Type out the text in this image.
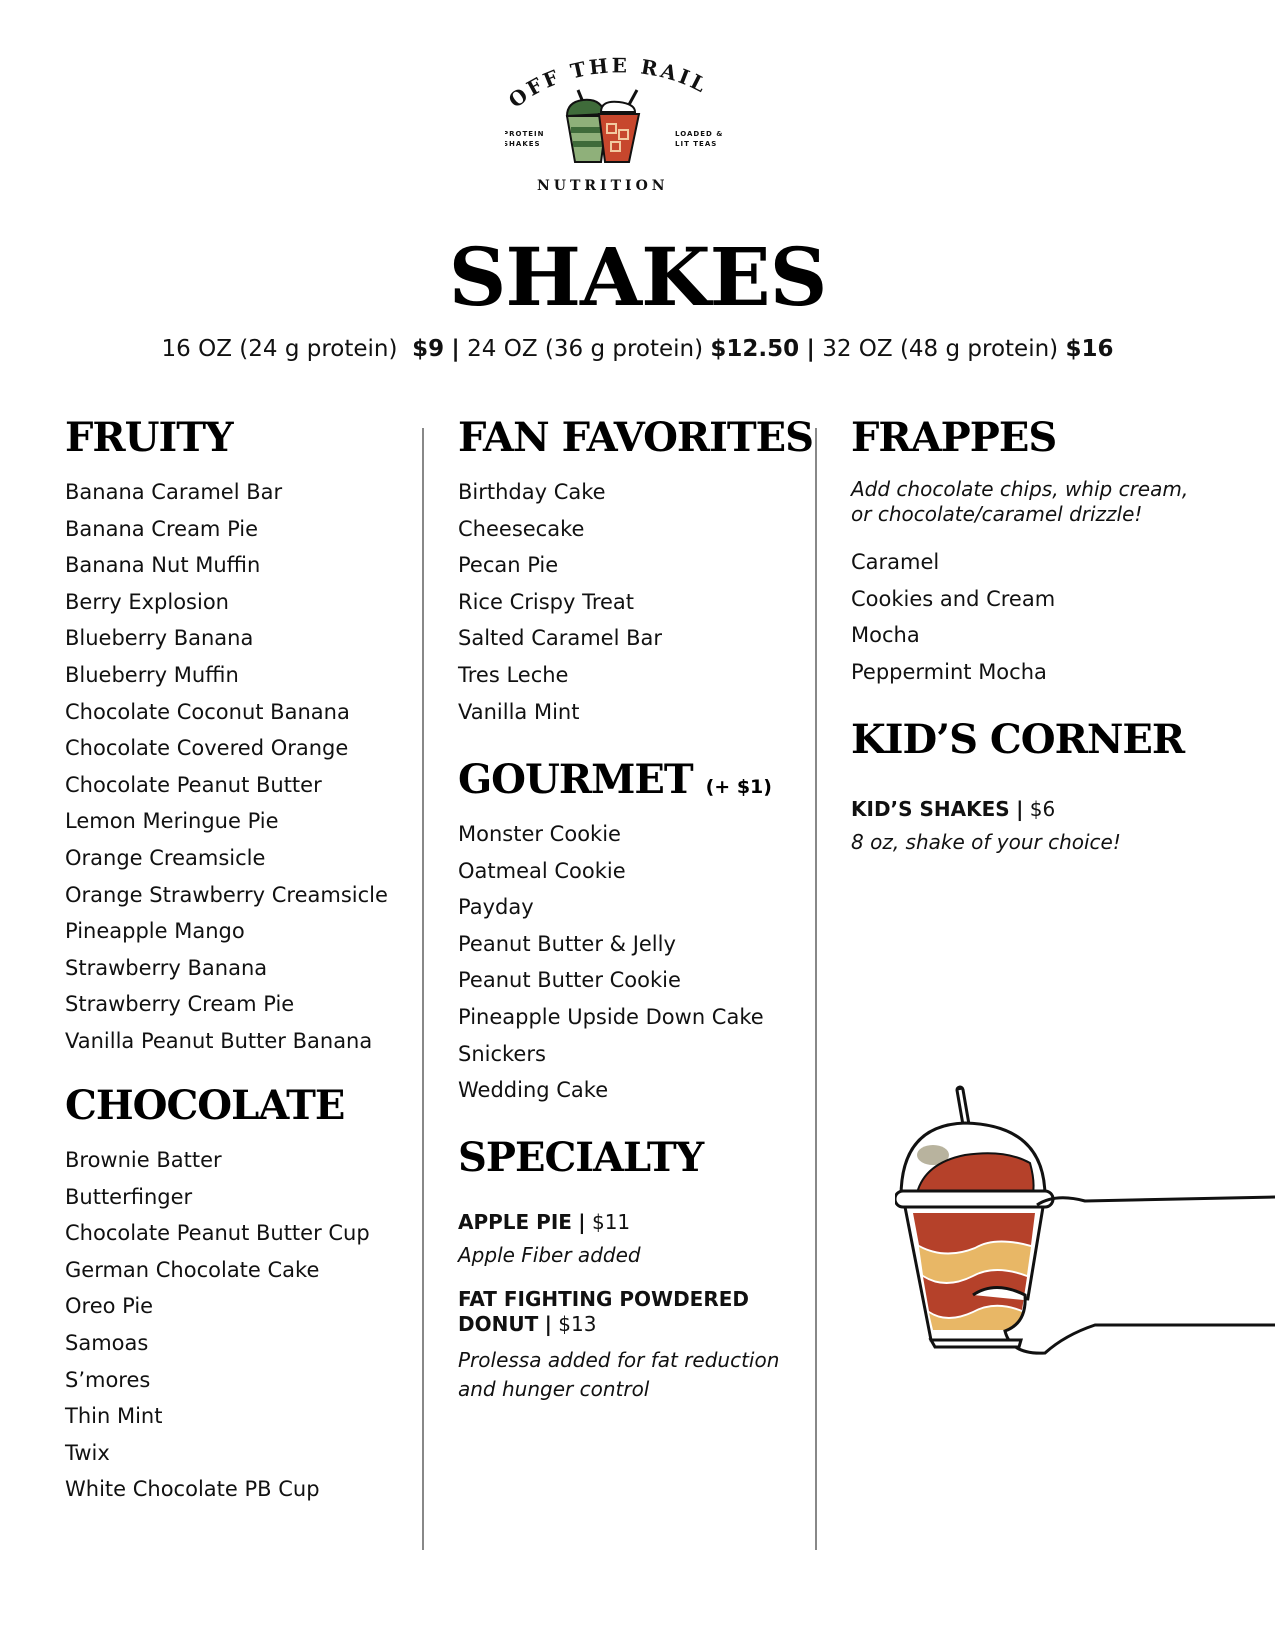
OFF THE RAIL
PROTEIN
SHAKES
LOADED &
LIT TEAS
NUTRITION
SHAKES
16 OZ (24 g protein) $9 | 24 OZ (36 g protein) $12.50 | 32 OZ (48 g protein) $16
FRUITY
Banana Caramel Bar
Banana Cream Pie
Banana Nut Muffin
Berry Explosion
Blueberry Banana
Blueberry Muffin
Chocolate Coconut Banana
Chocolate Covered Orange
Chocolate Peanut Butter
Lemon Meringue Pie
Orange Creamsicle
Orange Strawberry Creamsicle
Pineapple Mango
Strawberry Banana
Strawberry Cream Pie
Vanilla Peanut Butter Banana
CHOCOLATE
Brownie Batter
Butterfinger
Chocolate Peanut Butter Cup
German Chocolate Cake
Oreo Pie
Samoas
S’mores
Thin Mint
Twix
White Chocolate PB Cup
FAN FAVORITES
Birthday Cake
Cheesecake
Pecan Pie
Rice Crispy Treat
Salted Caramel Bar
Tres Leche
Vanilla Mint
GOURMET (+ $1)
Monster Cookie
Oatmeal Cookie
Payday
Peanut Butter & Jelly
Peanut Butter Cookie
Pineapple Upside Down Cake
Snickers
Wedding Cake
SPECIALTY
APPLE PIE | $11
Apple Fiber added
FAT FIGHTING POWDERED
DONUT | $13
Prolessa added for fat reduction
and hunger control
FRAPPES
Add chocolate chips, whip cream,
or chocolate/caramel drizzle!
Caramel
Cookies and Cream
Mocha
Peppermint Mocha
KID’S CORNER
KID’S SHAKES | $6
8 oz, shake of your choice!
